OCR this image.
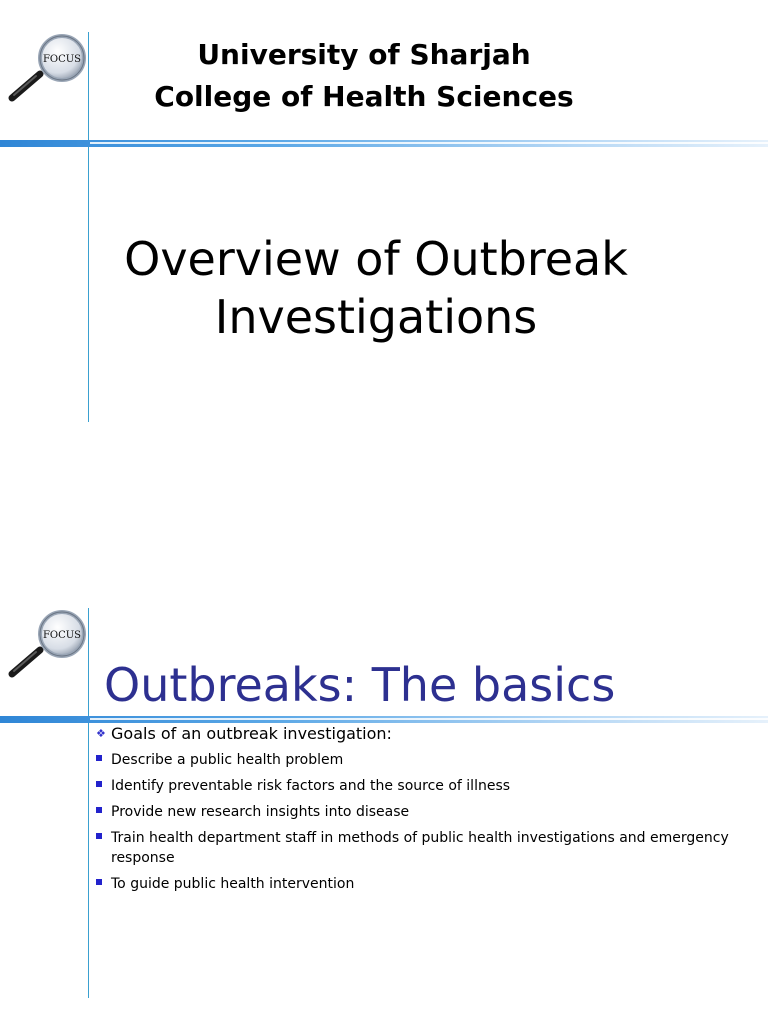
FOCUS	University of Sharjah
College of Health Sciences
Overview of Outbreak
Investigations
FOCUS
Outbreaks: The basics
❖ Goals of an outbreak investigation:
Describe a public health problem
Identify preventable risk factors and the source of illness
Provide new research insights into disease
Train health department staff in methods of public health investigations and emergency response
To guide public health intervention
